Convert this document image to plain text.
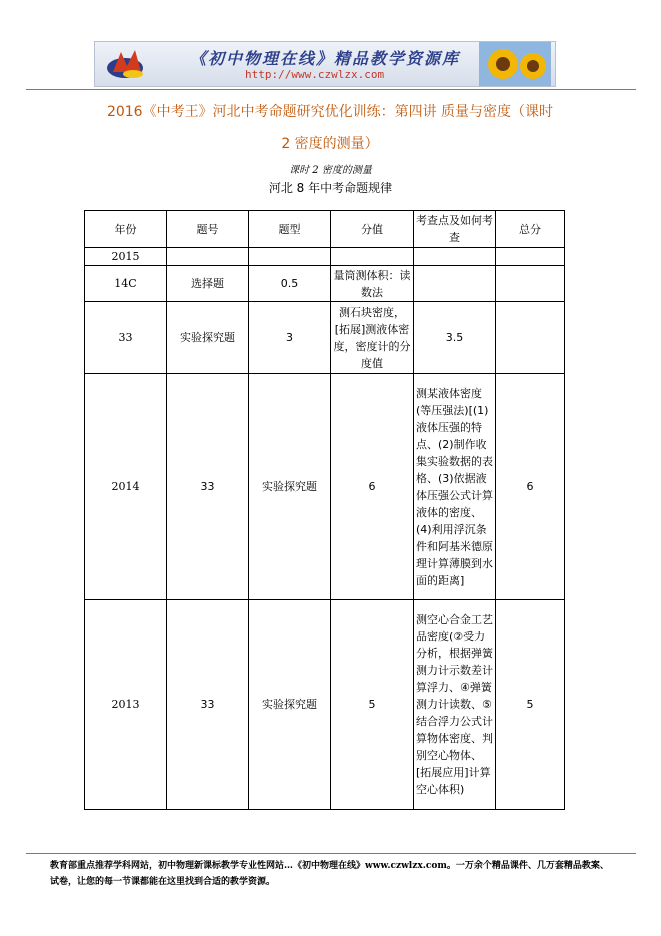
《初中物理在线》精品教学资源库
http://www.czwlzx.com
2016《中考王》河北中考命题研究优化训练：第四讲 质量与密度（课时
2 密度的测量）
课时 2 密度的测量
河北 8 年中考命题规律
年份	题号	题型	分值	考查点及如何考查	总分
2015					
14C	选择题	0.5	量筒测体积：读数法		
33	实验探究题	3	测石块密度，[拓展]测液体密度，密度计的分度值	3.5	
2014	33	实验探究题	6	测某液体密度(等压强法)[(1)液体压强的特点、(2)制作收集实验数据的表格、(3)依据液体压强公式计算液体的密度、(4)利用浮沉条件和阿基米德原理计算薄膜到水面的距离]	6
2013	33	实验探究题	5	测空心合金工艺品密度(②受力分析，根据弹簧测力计示数差计算浮力、④弹簧测力计读数、⑤结合浮力公式计算物体密度、判别空心物体、[拓展应用]计算空心体积)	5
教育部重点推荐学科网站，初中物理新课标教学专业性网站…《初中物理在线》www.czwlzx.com。一万余个精品课件、几万套精品教案、试卷，让您的每一节课都能在这里找到合适的教学资源。
